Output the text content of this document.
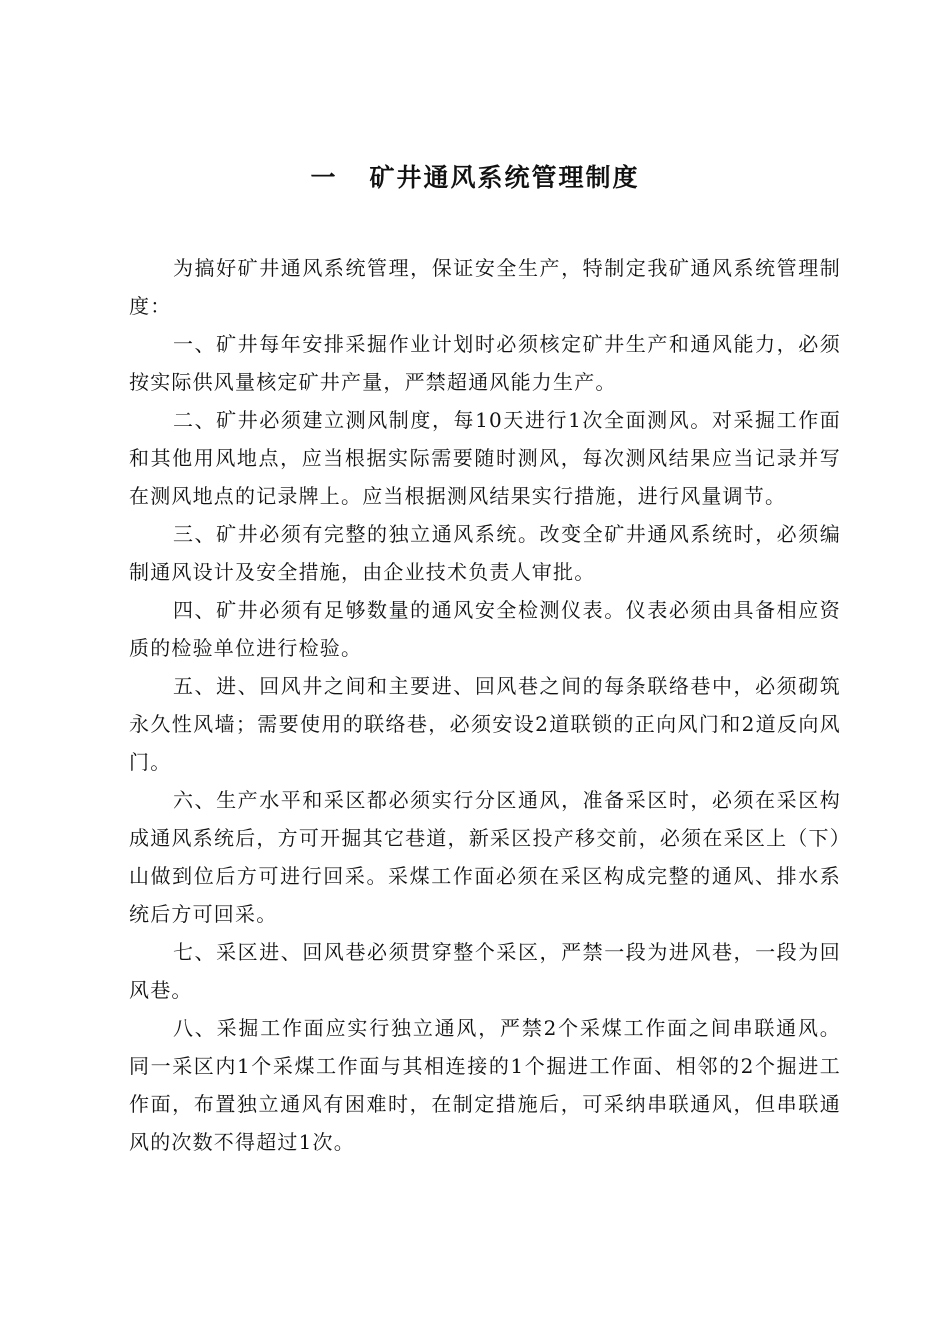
一 矿井通风系统管理制度

为搞好矿井通风系统管理，保证安全生产，特制定我矿通风系统管理制度：

一、矿井每年安排采掘作业计划时必须核定矿井生产和通风能力，必须按实际供风量核定矿井产量，严禁超通风能力生产。

二、矿井必须建立测风制度，每10天进行1次全面测风。对采掘工作面和其他用风地点，应当根据实际需要随时测风，每次测风结果应当记录并写在测风地点的记录牌上。应当根据测风结果实行措施，进行风量调节。

三、矿井必须有完整的独立通风系统。改变全矿井通风系统时，必须编制通风设计及安全措施，由企业技术负责人审批。

四、矿井必须有足够数量的通风安全检测仪表。仪表必须由具备相应资质的检验单位进行检验。

五、进、回风井之间和主要进、回风巷之间的每条联络巷中，必须砌筑永久性风墙；需要使用的联络巷，必须安设2道联锁的正向风门和2道反向风门。

六、生产水平和采区都必须实行分区通风，准备采区时，必须在采区构成通风系统后，方可开掘其它巷道，新采区投产移交前，必须在采区上（下）山做到位后方可进行回采。采煤工作面必须在采区构成完整的通风、排水系统后方可回采。

七、采区进、回风巷必须贯穿整个采区，严禁一段为进风巷，一段为回风巷。

八、采掘工作面应实行独立通风，严禁2个采煤工作面之间串联通风。同一采区内1个采煤工作面与其相连接的1个掘进工作面、相邻的2个掘进工作面，布置独立通风有困难时，在制定措施后，可采纳串联通风，但串联通风的次数不得超过1次。
